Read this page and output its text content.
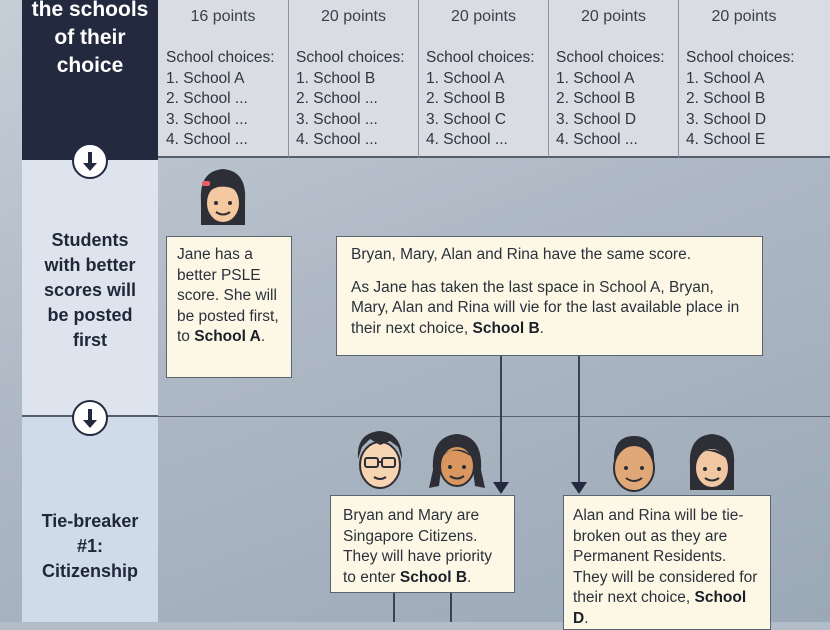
the schools
of their
choice
16 points
School choices:
1. School A
2. School ...
3. School ...
4. School ...
20 points
School choices:
1. School B
2. School ...
3. School ...
4. School ...
20 points
School choices:
1. School A
2. School B
3. School C
4. School ...
20 points
School choices:
1. School A
2. School B
3. School D
4. School ...
20 points
School choices:
1. School A
2. School B
3. School D
4. School E
Students
with better
scores will
be posted
first
Tie-breaker
#1:
Citizenship

Jane has a better PSLE score. She will be posted first, to School A.

Bryan, Mary, Alan and Rina have the same score.

As Jane has taken the last space in School A, Bryan, Mary, Alan and Rina will vie for the last available place in their next choice, School B.

Bryan and Mary are Singapore Citizens. They will have priority to enter School B.

Alan and Rina will be tie-broken out as they are Permanent Residents. They will be considered for their next choice, School D.
